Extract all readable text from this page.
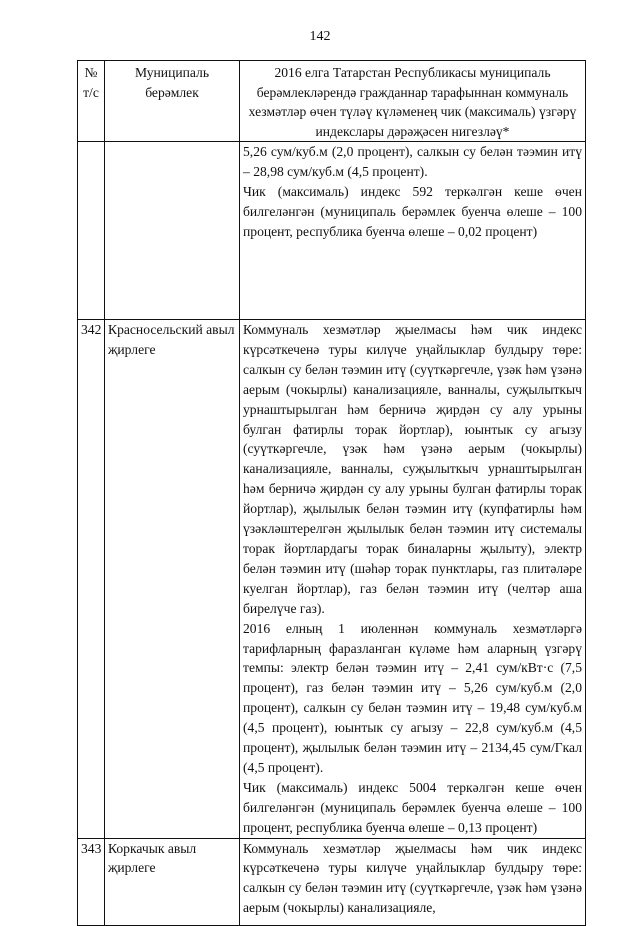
142
№ т/с	Муниципаль берәмлек	2016 елга Татарстан Республикасы муниципаль берәмлекләрендә гражданнар тарафыннан коммуналь хезмәтләр өчен түләү күләменең чик (максималь) үзгәрү индекслары дәрәҗәсен нигезләү*

		5,26 сум/куб.м (2,0 процент), салкын су белән тәэмин итү – 28,98 сум/куб.м (4,5 процент).
Чик (максималь) индекс 592 теркәлгән кеше өчен билгеләнгән (муниципаль берәмлек буенча өлеше – 100 процент, республика буенча өлеше – 0,02 процент)

342	Красносельский авыл җирлеге	Коммуналь хезмәтләр җыелмасы һәм чик индекс күрсәткеченә туры килүче уңайлыклар булдыру төре: салкын су белән тәэмин итү (суүткәргечле, үзәк һәм үзәнә аерым (чокырлы) канализацияле, ванналы, суҗылыткыч урнаштырылган һәм берничә җирдән су алу урыны булган фатирлы торак йортлар), юынтык су агызу (суүткәргечле, үзәк һәм үзәнә аерым (чокырлы) канализацияле, ванналы, суҗылыткыч урнаштырылган һәм берничә җирдән су алу урыны булган фатирлы торак йортлар), җылылык белән тәэмин итү (купфатирлы һәм үзәкләштерелгән җылылык белән тәэмин итү системалы торак йортлардагы торак биналарны җылыту), электр белән тәэмин итү (шәһәр торак пунктлары, газ плитәләре куелган йортлар), газ белән тәэмин итү (челтәр аша бирелүче газ).
2016 елның 1 июленнән коммуналь хезмәтләргә тарифларның фаразланган күләме һәм аларның үзгәрү темпы: электр белән тәэмин итү – 2,41 сум/кВт·с (7,5 процент), газ белән тәэмин итү – 5,26 сум/куб.м (2,0 процент), салкын су белән тәэмин итү – 19,48 сум/куб.м (4,5 процент), юынтык су агызу – 22,8 сум/куб.м (4,5 процент), җылылык белән тәэмин итү – 2134,45 сум/Гкал (4,5 процент).
Чик (максималь) индекс 5004 теркәлгән кеше өчен билгеләнгән (муниципаль берәмлек буенча өлеше – 100 процент, республика буенча өлеше – 0,13 процент)

343	Коркачык авыл җирлеге	Коммуналь хезмәтләр җыелмасы һәм чик индекс күрсәткеченә туры килүче уңайлыклар булдыру төре: салкын су белән тәэмин итү (суүткәргечле, үзәк һәм үзәнә аерым (чокырлы) канализацияле,
